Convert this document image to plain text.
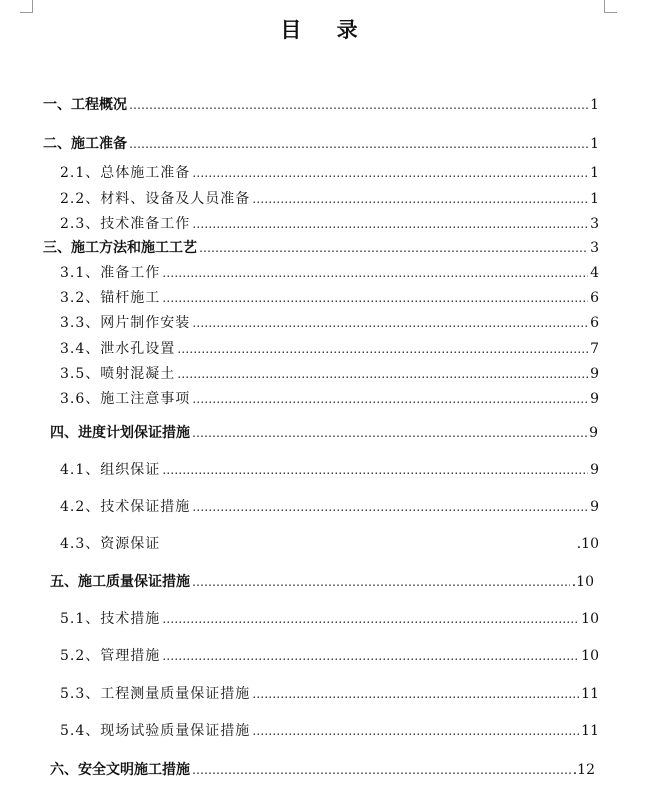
目 录
一、工程概况 …………………………………………………………………………………………………………………………………………………………………………………………………………	1
二、施工准备 …………………………………………………………………………………………………………………………………………………………………………………………………………	1
2.1、总体施工准备 …………………………………………………………………………………………………………………………………………………………………………………………………………	1
2.2、材料、设备及人员准备 …………………………………………………………………………………………………………………………………………………………………………………………………………	1
2.3、技术准备工作 …………………………………………………………………………………………………………………………………………………………………………………………………………	3
三、施工方法和施工工艺 …………………………………………………………………………………………………………………………………………………………………………………………………………	3
3.1、准备工作 …………………………………………………………………………………………………………………………………………………………………………………………………………	4
3.2、锚杆施工 …………………………………………………………………………………………………………………………………………………………………………………………………………	6
3.3、网片制作安装 …………………………………………………………………………………………………………………………………………………………………………………………………………	6
3.4、泄水孔设置 …………………………………………………………………………………………………………………………………………………………………………………………………………	7
3.5、喷射混凝土 …………………………………………………………………………………………………………………………………………………………………………………………………………	9
3.6、施工注意事项 …………………………………………………………………………………………………………………………………………………………………………………………………………	9
四、进度计划保证措施 …………………………………………………………………………………………………………………………………………………………………………………………………………	9
4.1、组织保证 …………………………………………………………………………………………………………………………………………………………………………………………………………	9
4.2、技术保证措施 …………………………………………………………………………………………………………………………………………………………………………………………………………	9
4.3、资源保证	.10
五、施工质量保证措施 …………………………………………………………………………………………………………………………………………………………………………………………………………	.10
5.1、技术措施 …………………………………………………………………………………………………………………………………………………………………………………………………………	10
5.2、管理措施 …………………………………………………………………………………………………………………………………………………………………………………………………………	10
5.3、工程测量质量保证措施 …………………………………………………………………………………………………………………………………………………………………………………………………………	11
5.4、现场试验质量保证措施 …………………………………………………………………………………………………………………………………………………………………………………………………………	11
六、安全文明施工措施 …………………………………………………………………………………………………………………………………………………………………………………………………………	.12
